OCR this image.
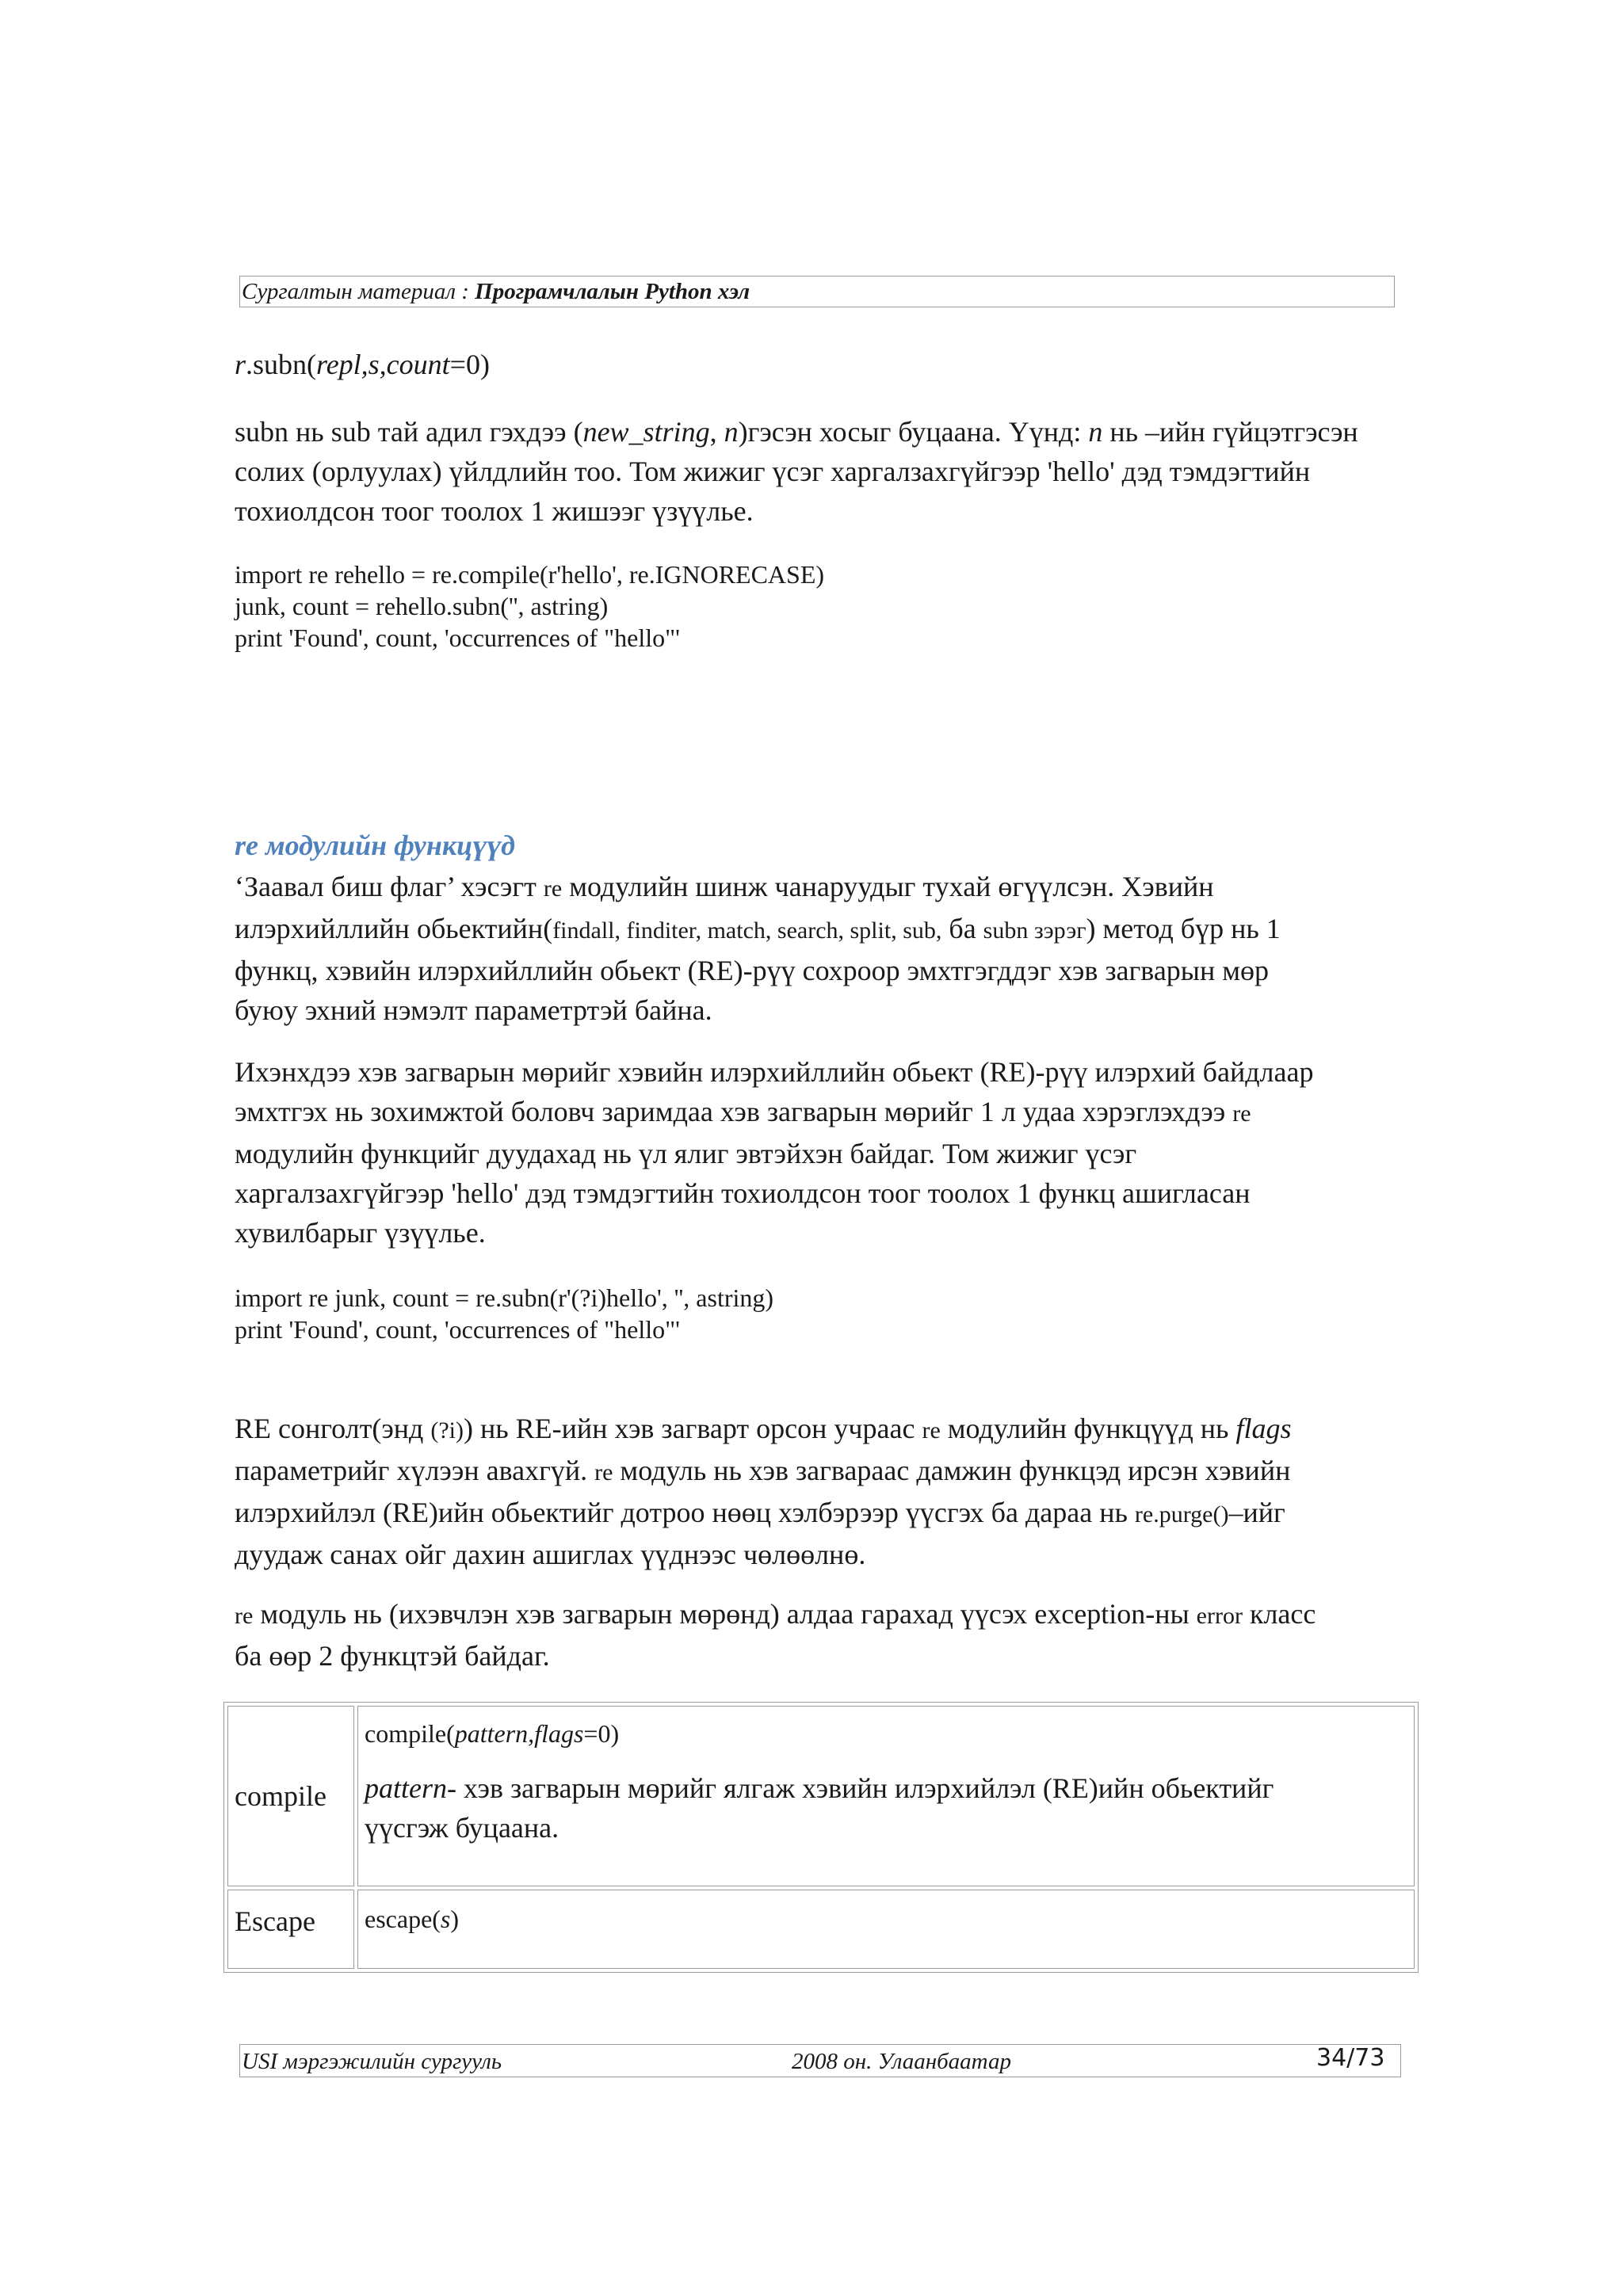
Сургалтын материал : Програмчлалын Python хэл
r.subn(repl,s,count=0)
subn нь sub тай адил гэхдээ (new_string, n)гэсэн хосыг буцаана. Үүнд: n нь –ийн гүйцэтгэсэн
солих (орлуулах) үйлдлийн тоо. Том жижиг үсэг харгалзахгүйгээр 'hello' дэд тэмдэгтийн
тохиолдсон тоог тоолох 1 жишээг үзүүлье.
import re rehello = re.compile(r'hello', re.IGNORECASE)
junk, count = rehello.subn('', astring)
print 'Found', count, 'occurrences of "hello"'
re модулийн функцүүд
‘Заавал биш флаг’ хэсэгт re модулийн шинж чанаруудыг тухай өгүүлсэн. Хэвийн
илэрхийллийн обьектийн(findall, finditer, match, search, split, sub, ба subn зэрэг) метод бүр нь 1
функц, хэвийн илэрхийллийн обьект (RE)-рүү сохроор эмхтгэгддэг хэв загварын мөр
буюу эхний нэмэлт параметртэй байна.
Ихэнхдээ хэв загварын мөрийг хэвийн илэрхийллийн обьект (RE)-рүү илэрхий байдлаар
эмхтгэх нь зохимжтой боловч заримдаа хэв загварын мөрийг 1 л удаа хэрэглэхдээ re
модулийн функцийг дуудахад нь үл ялиг эвтэйхэн байдаг. Том жижиг үсэг
харгалзахгүйгээр 'hello' дэд тэмдэгтийн тохиолдсон тоог тоолох 1 функц ашигласан
хувилбарыг үзүүлье.
import re junk, count = re.subn(r'(?i)hello', '', astring)
print 'Found', count, 'occurrences of "hello"'
RE сонголт(энд (?i)) нь RE-ийн хэв загварт орсон учраас re модулийн функцүүд нь flags
параметрийг хүлээн авахгүй. re модуль нь хэв загвараас дамжин функцэд ирсэн хэвийн
илэрхийлэл (RE)ийн обьектийг дотроо нөөц хэлбэрээр үүсгэх ба дараа нь re.purge()–ийг
дуудаж санах ойг дахин ашиглах үүднээс чөлөөлнө.
re модуль нь (ихэвчлэн хэв загварын мөрөнд) алдаа гарахад үүсэх exception-ны error класс
ба өөр 2 функцтэй байдаг.
compile	compile(pattern,flags=0)
pattern- хэв загварын мөрийг ялгаж хэвийн илэрхийлэл (RE)ийн обьектийг
үүсгэж буцаана.

Escape	escape(s)
USI мэргэжилийн сургууль	2008 он. Улаанбаатар	34/73
